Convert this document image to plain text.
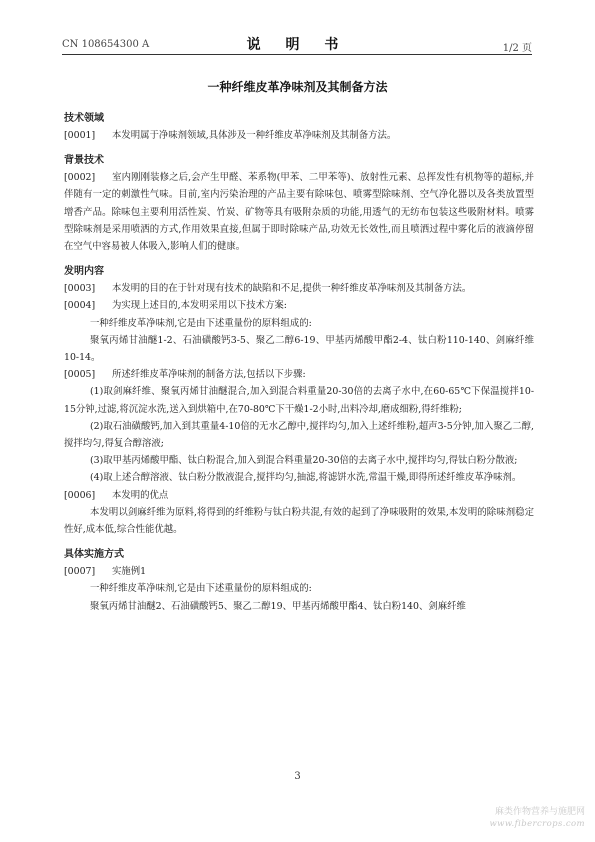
CN 108654300 A	说 明 书	1/2 页
一种纤维皮革净味剂及其制备方法
技术领域
[0001] 本发明属于净味剂领域,具体涉及一种纤维皮革净味剂及其制备方法。
背景技术
[0002] 室内刚刚装修之后,会产生甲醛、苯系物(甲苯、二甲苯等)、放射性元素、总挥发性有机物等的超标,并伴随有一定的刺激性气味。目前,室内污染治理的产品主要有除味包、喷雾型除味剂、空气净化器以及各类放置型增香产品。除味包主要利用活性炭、竹炭、矿物等具有吸附杂质的功能,用透气的无纺布包装这些吸附材料。喷雾型除味剂是采用喷洒的方式,作用效果直接,但属于即时除味产品,功效无长效性,而且喷洒过程中雾化后的液滴停留在空气中容易被人体吸入,影响人们的健康。
发明内容
[0003] 本发明的目的在于针对现有技术的缺陷和不足,提供一种纤维皮革净味剂及其制备方法。
[0004] 为实现上述目的,本发明采用以下技术方案:
一种纤维皮革净味剂,它是由下述重量份的原料组成的:
聚氧丙烯甘油醚1-2、石油磺酸钙3-5、聚乙二醇6-19、甲基丙烯酸甲酯2-4、钛白粉110-140、剑麻纤维10-14。
[0005] 所述纤维皮革净味剂的制备方法,包括以下步骤:
(1)取剑麻纤维、聚氧丙烯甘油醚混合,加入到混合料重量20-30倍的去离子水中,在60-65℃下保温搅拌10-15分钟,过滤,将沉淀水洗,送入到烘箱中,在70-80℃下干燥1-2小时,出料冷却,磨成细粉,得纤维粉;
(2)取石油磺酸钙,加入到其重量4-10倍的无水乙醇中,搅拌均匀,加入上述纤维粉,超声3-5分钟,加入聚乙二醇,搅拌均匀,得复合醇溶液;
(3)取甲基丙烯酸甲酯、钛白粉混合,加入到混合料重量20-30倍的去离子水中,搅拌均匀,得钛白粉分散液;
(4)取上述合醇溶液、钛白粉分散液混合,搅拌均匀,抽滤,将滤饼水洗,常温干燥,即得所述纤维皮革净味剂。
[0006] 本发明的优点
本发明以剑麻纤维为原料,将得到的纤维粉与钛白粉共混,有效的起到了净味吸附的效果,本发明的除味剂稳定性好,成本低,综合性能优越。
具体实施方式
[0007] 实施例1
一种纤维皮革净味剂,它是由下述重量份的原料组成的:
聚氧丙烯甘油醚2、石油磺酸钙5、聚乙二醇19、甲基丙烯酸甲酯4、钛白粉140、剑麻纤维
3
麻类作物营养与施肥网
www.fibercrops.com
